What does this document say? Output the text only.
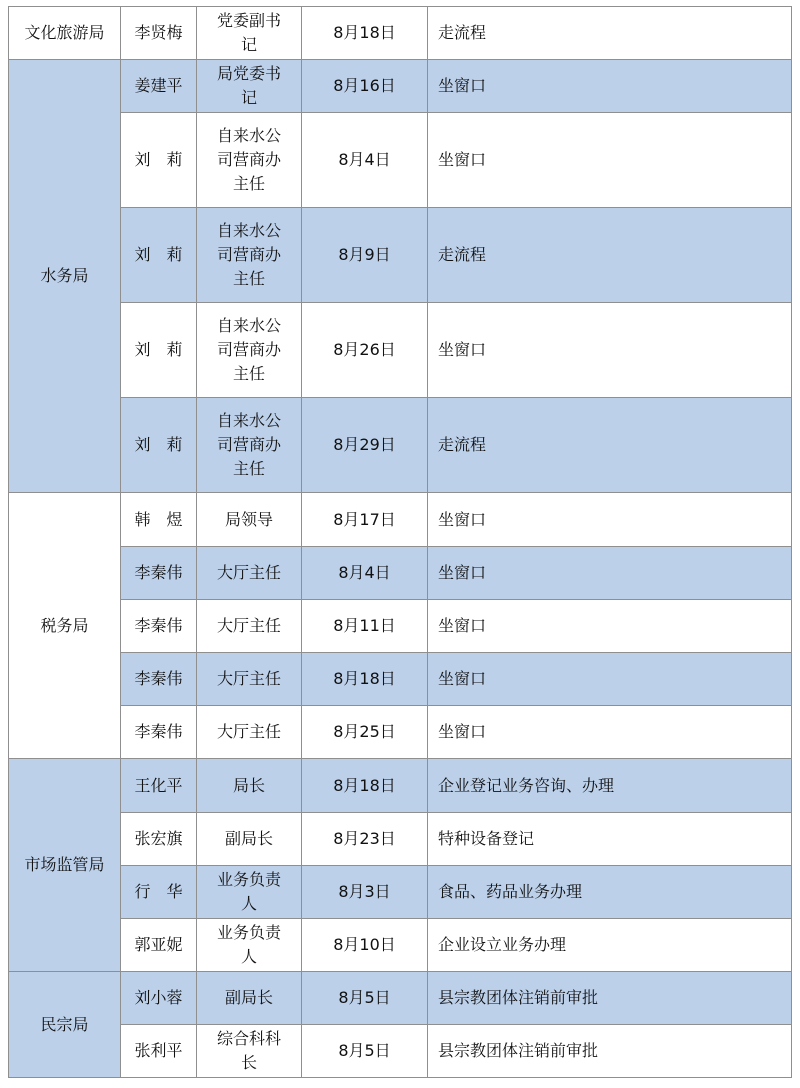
文化旅游局	李贤梅	党委副书记	8月18日	走流程
水务局	姜建平	局党委书记	8月16日	坐窗口
	刘　莉	自来水公司营商办主任	8月4日	坐窗口
	刘　莉	自来水公司营商办主任	8月9日	走流程
	刘　莉	自来水公司营商办主任	8月26日	坐窗口
	刘　莉	自来水公司营商办主任	8月29日	走流程
税务局	韩　煜	局领导	8月17日	坐窗口
	李秦伟	大厅主任	8月4日	坐窗口
	李秦伟	大厅主任	8月11日	坐窗口
	李秦伟	大厅主任	8月18日	坐窗口
	李秦伟	大厅主任	8月25日	坐窗口
市场监管局	王化平	局长	8月18日	企业登记业务咨询、办理
	张宏旗	副局长	8月23日	特种设备登记
	行　华	业务负责人	8月3日	食品、药品业务办理
	郭亚妮	业务负责人	8月10日	企业设立业务办理
民宗局	刘小蓉	副局长	8月5日	县宗教团体注销前审批
	张利平	综合科科长	8月5日	县宗教团体注销前审批
